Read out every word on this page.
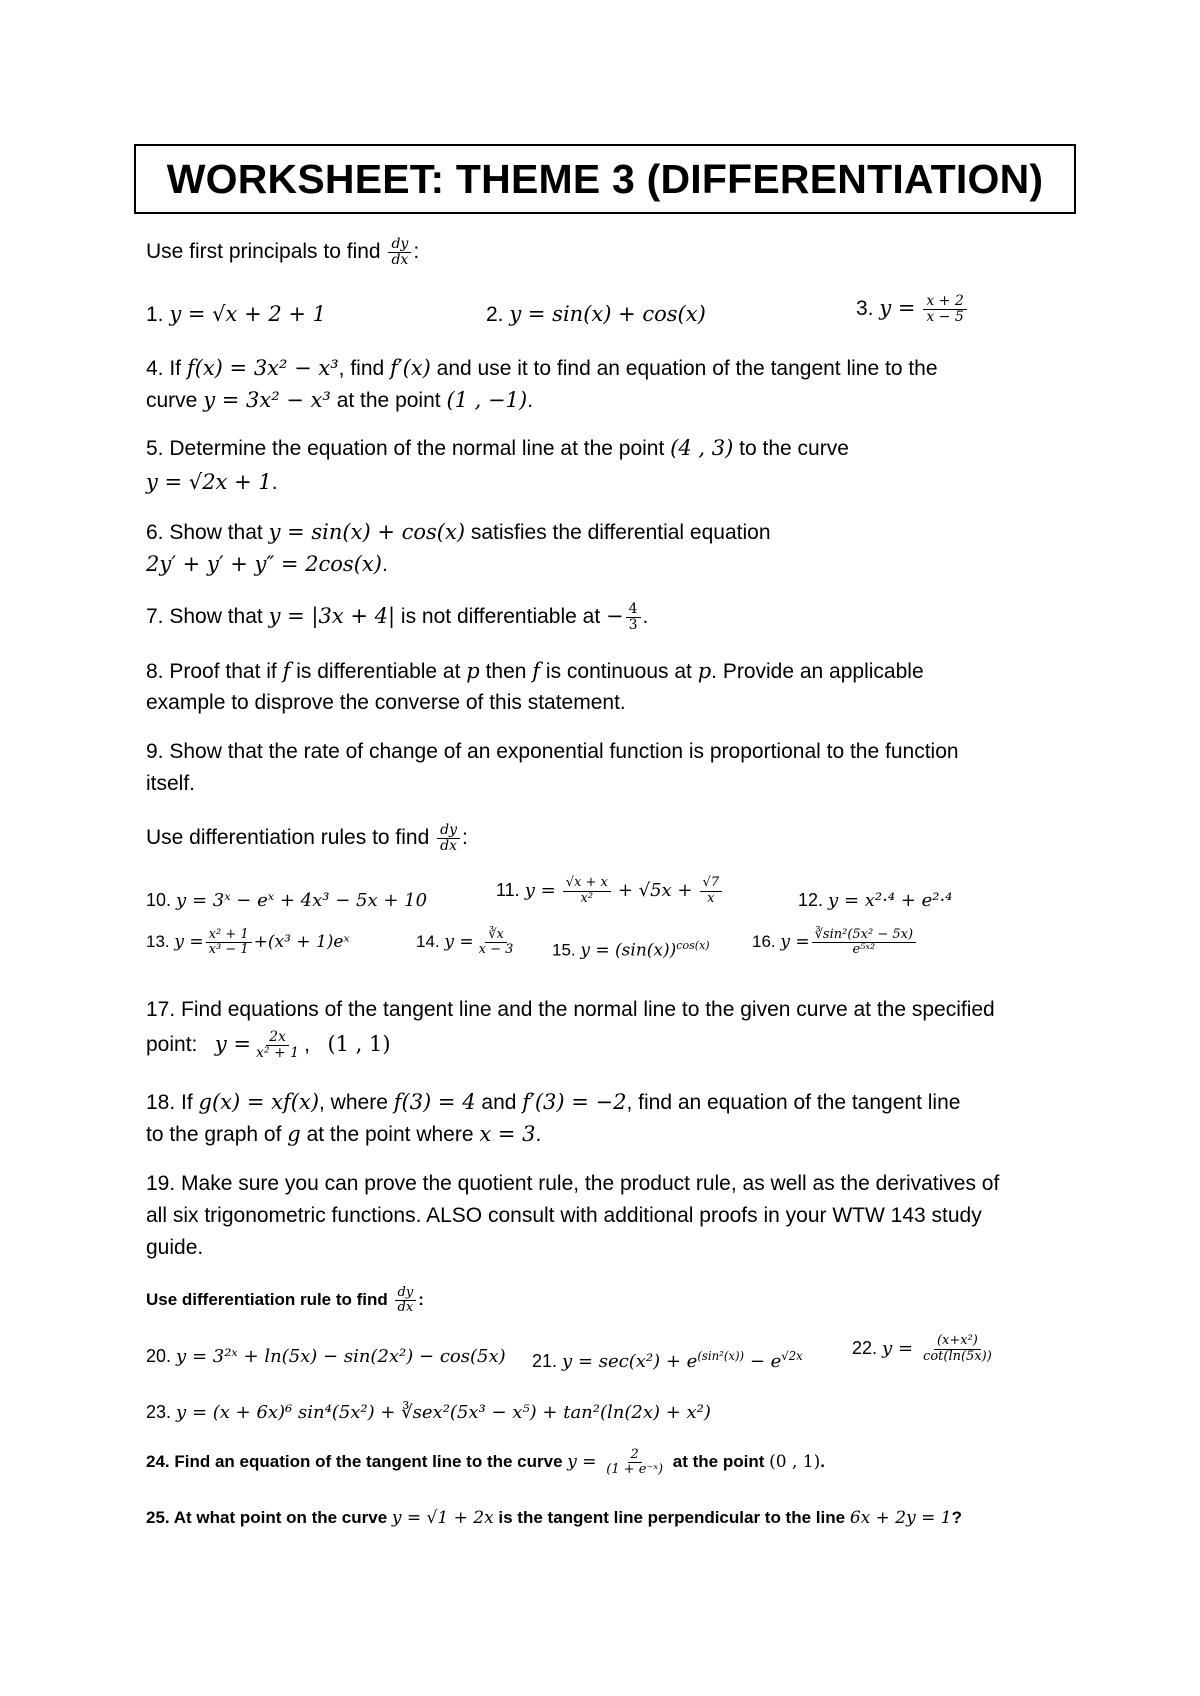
WORKSHEET: THEME 3 (DIFFERENTIATION)
Use first principals to find $\frac{dy}{dx}$ :
1. y = √x + 2 + 1	2. y = sin(x) + cos(x)	3. $y = \frac{x + 2}{x - 5}$
4. If f(x) = 3x² − x³, find f′(x) and use it to find an equation of the tangent line to the
curve y = 3x² − x³ at the point (1 , −1).
5. Determine the equation of the normal line at the point (4 , 3) to the curve
y = √2x + 1.
6. Show that y = sin(x) + cos(x) satisfies the differential equation
2y′ + y′ + y″ = 2cos(x).
7. Show that y = |3x + 4| is not differentiable at − $\frac{4}{3}$ .
8. Proof that if f is differentiable at p then f is continuous at p. Provide an applicable
example to disprove the converse of this statement.
9. Show that the rate of change of an exponential function is proportional to the function
itself.
Use differentiation rules to find $\frac{dy}{dx}$ :
10. y = 3ˣ − eˣ + 4x³ − 5x + 10	11. $y = \frac{√x + x}{\text{x²}} + √5x + \frac{√7}{x}$	12. y = x²·⁴ + e²·⁴
13. $y = \frac{\text{x² + 1}}{\text{x³ − 1}} +(x^3$ + 1)eˣ	14. $y = \frac{∛x}{x - 3} 15$. $y = (\sin(x))^{cos(x)}$ 16. $y = \frac{\text{∛sin²(5x² − 5x)}}{\text{e⁵ˣ²}}$
17. Find equations of the tangent line and the normal line to the given curve at the specified
point: $y = \frac{2x}{\text{x² + 1}}$ , (1 , 1)
18. If g(x) = xf(x), where f(3) = 4 and f′(3) = −2, find an equation of the tangent line
to the graph of g at the point where x = 3.
19. Make sure you can prove the quotient rule, the product rule, as well as the derivatives of
all six trigonometric functions. ALSO consult with additional proofs in your WTW 143 study
guide.
Use differentiation rule to find $\frac{dy}{dx}$ :
20. y = 3²ˣ + ln(5x) − sin(2x²) − cos(5x) 21. $y = \sec(x^2) + e^{(sin^2(x))} - e^{√2x}$	22. $y = \frac{\text{(x+x²)}}{\cot(\ln(5x))}$
23. y = (x + 6x)⁶ sin⁴(5x²) + ∛sex²(5x³ − x⁵) + tan²(ln(2x) + x²)
24. Find an equation of the tangent line to the curve $y = \frac{2}{\text{(1 + e⁻ˣ)}}$ at the point (0 , 1).
25. At what point on the curve y = √1 + 2x is the tangent line perpendicular to the line 6x + 2y = 1?
